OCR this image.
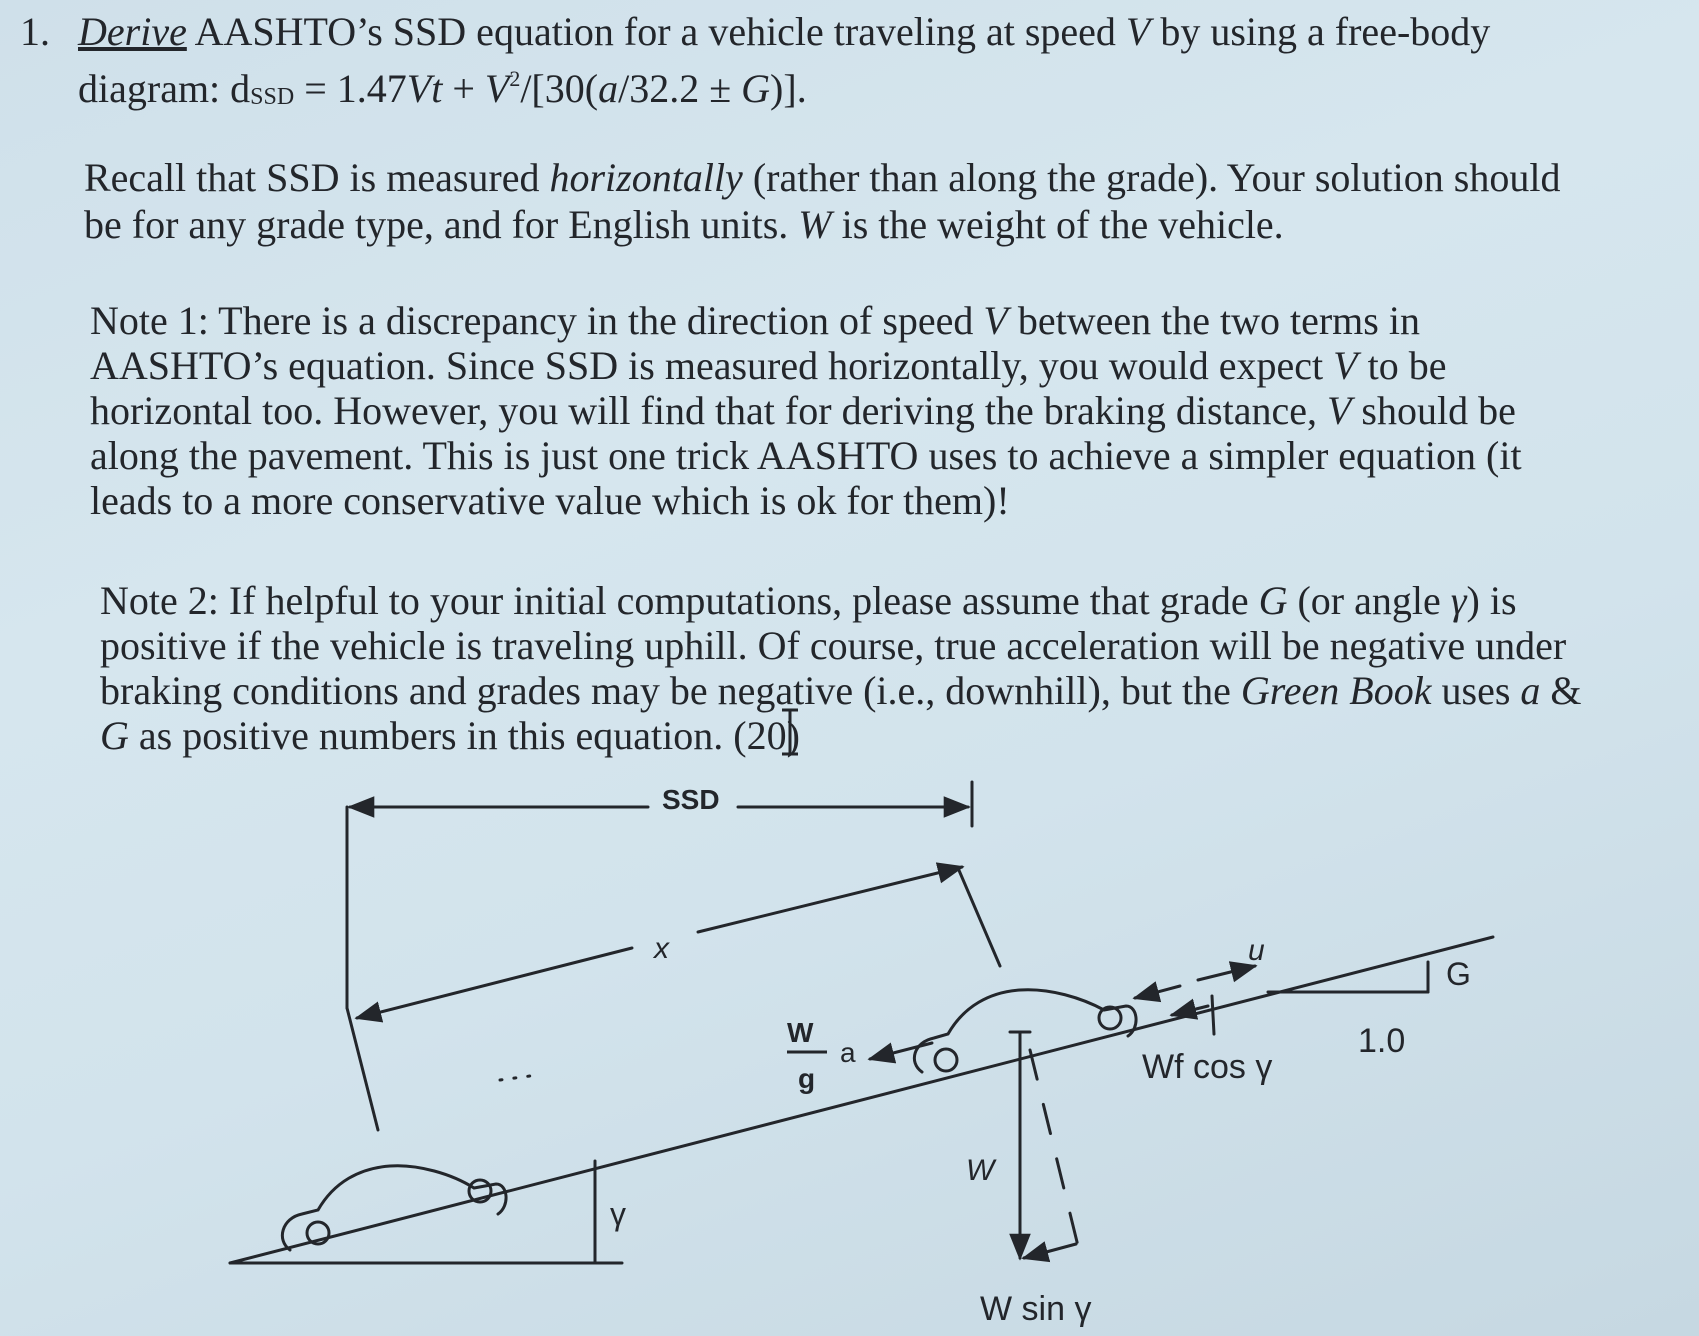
1. Derive AASHTO’s SSD equation for a vehicle traveling at speed V by using a free-body
diagram: $d_{SSD} = 1.47Vt + V^2/[30(a/32.2 \pm G)]$.
Recall that SSD is measured horizontally (rather than along the grade). Your solution should
be for any grade type, and for English units. W is the weight of the vehicle.
Note 1: There is a discrepancy in the direction of speed V between the two terms in
AASHTO’s equation. Since SSD is measured horizontally, you would expect V to be
horizontal too. However, you will find that for deriving the braking distance, V should be
along the pavement. This is just one trick AASHTO uses to achieve a simpler equation (it
leads to a more conservative value which is ok for them)!
Note 2: If helpful to your initial computations, please assume that grade G (or angle γ) is
positive if the vehicle is traveling uphill. Of course, true acceleration will be negative under
braking conditions and grades may be negative (i.e., downhill), but the Green Book uses a &
G as positive numbers in this equation. (20)
SSD
x	u
G
1.0
W
g
a	Wf cos γ
W
W sin γ
γ
